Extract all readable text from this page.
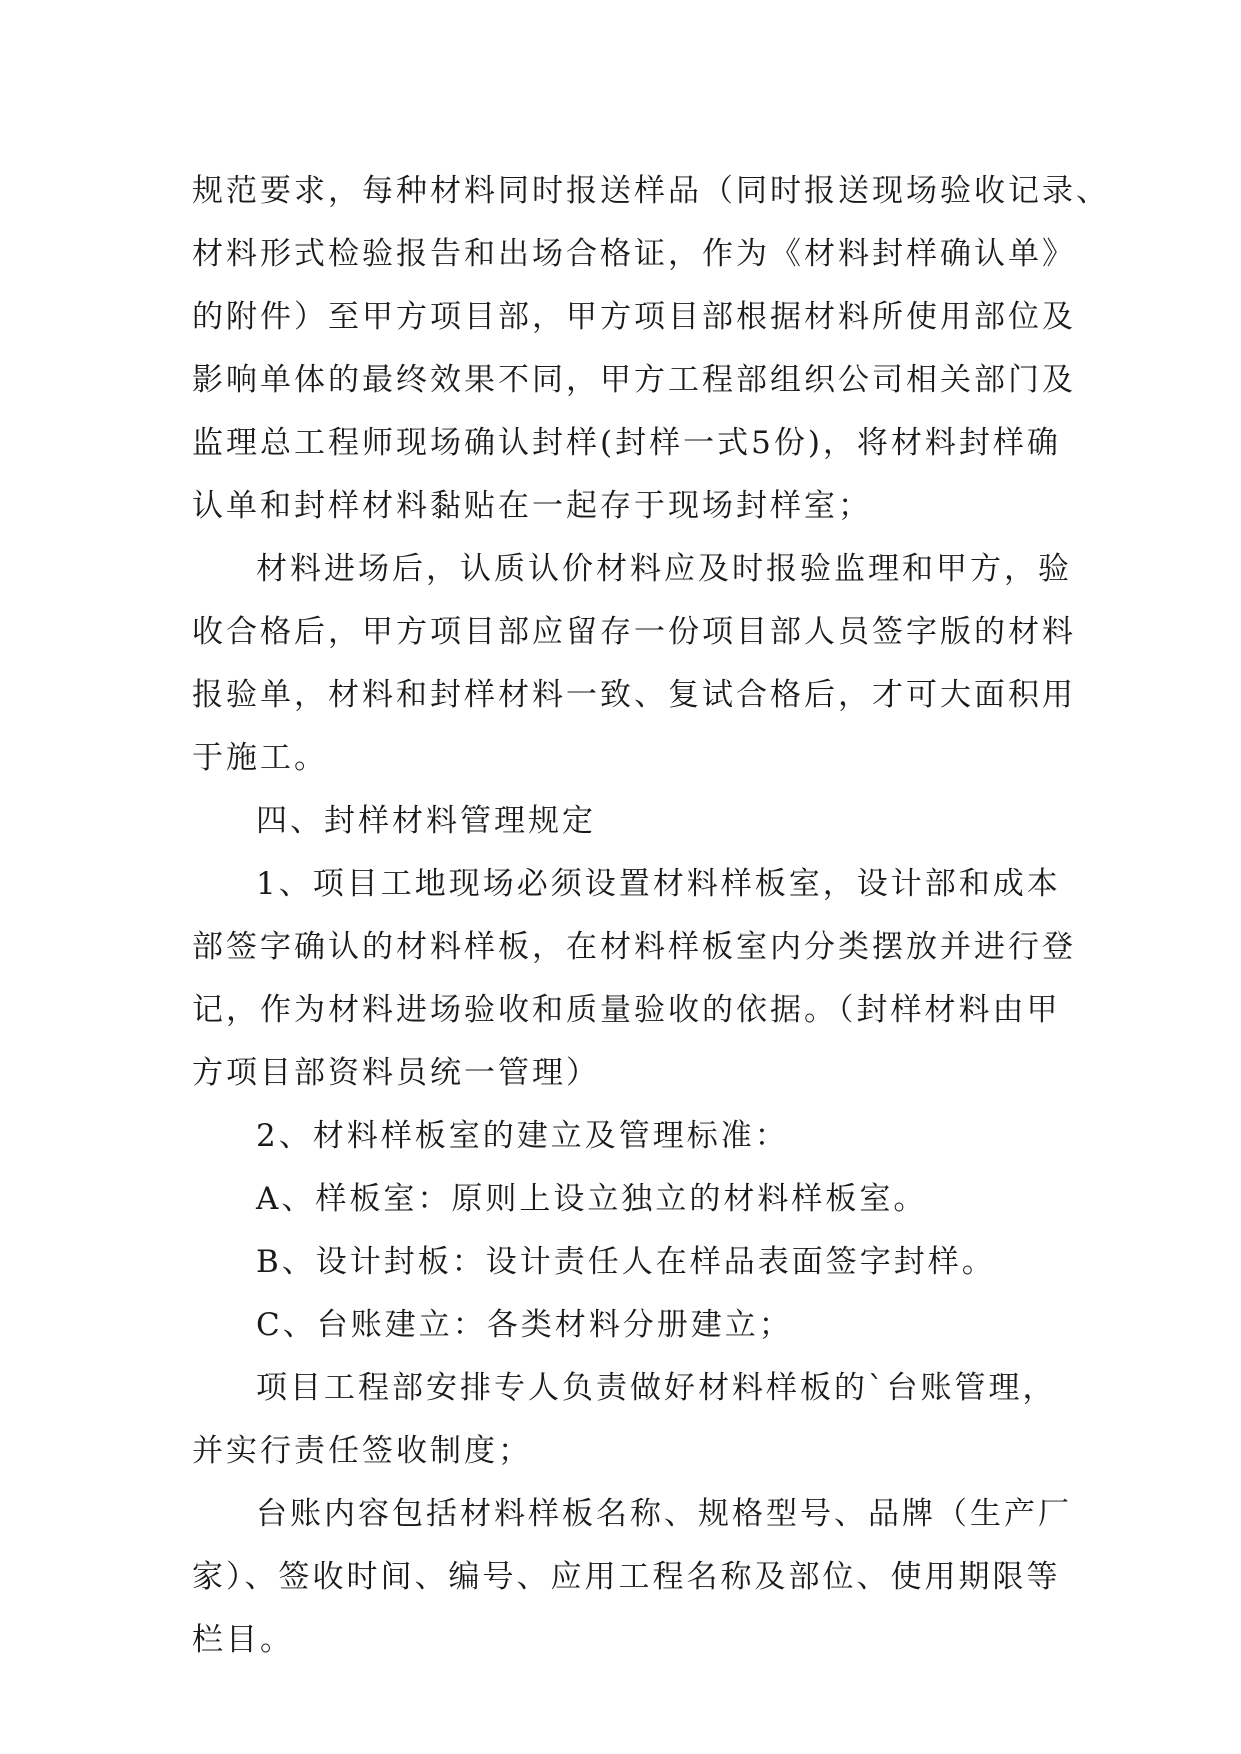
规范要求，每种材料同时报送样品（同时报送现场验收记录、
材料形式检验报告和出场合格证，作为《材料封样确认单》
的附件）至甲方项目部，甲方项目部根据材料所使用部位及
影响单体的最终效果不同，甲方工程部组织公司相关部门及
监理总工程师现场确认封样(封样一式5份)，将材料封样确
认单和封样材料黏贴在一起存于现场封样室；
材料进场后，认质认价材料应及时报验监理和甲方，验
收合格后，甲方项目部应留存一份项目部人员签字版的材料
报验单，材料和封样材料一致、复试合格后，才可大面积用
于施工。
四、封样材料管理规定
1、项目工地现场必须设置材料样板室，设计部和成本
部签字确认的材料样板，在材料样板室内分类摆放并进行登
记，作为材料进场验收和质量验收的依据。（封样材料由甲
方项目部资料员统一管理）
2、材料样板室的建立及管理标准：
A、样板室：原则上设立独立的材料样板室。
B、设计封板：设计责任人在样品表面签字封样。
C、台账建立：各类材料分册建立；
项目工程部安排专人负责做好材料样板的`台账管理，
并实行责任签收制度；
台账内容包括材料样板名称、规格型号、品牌（生产厂
家）、签收时间、编号、应用工程名称及部位、使用期限等
栏目。
